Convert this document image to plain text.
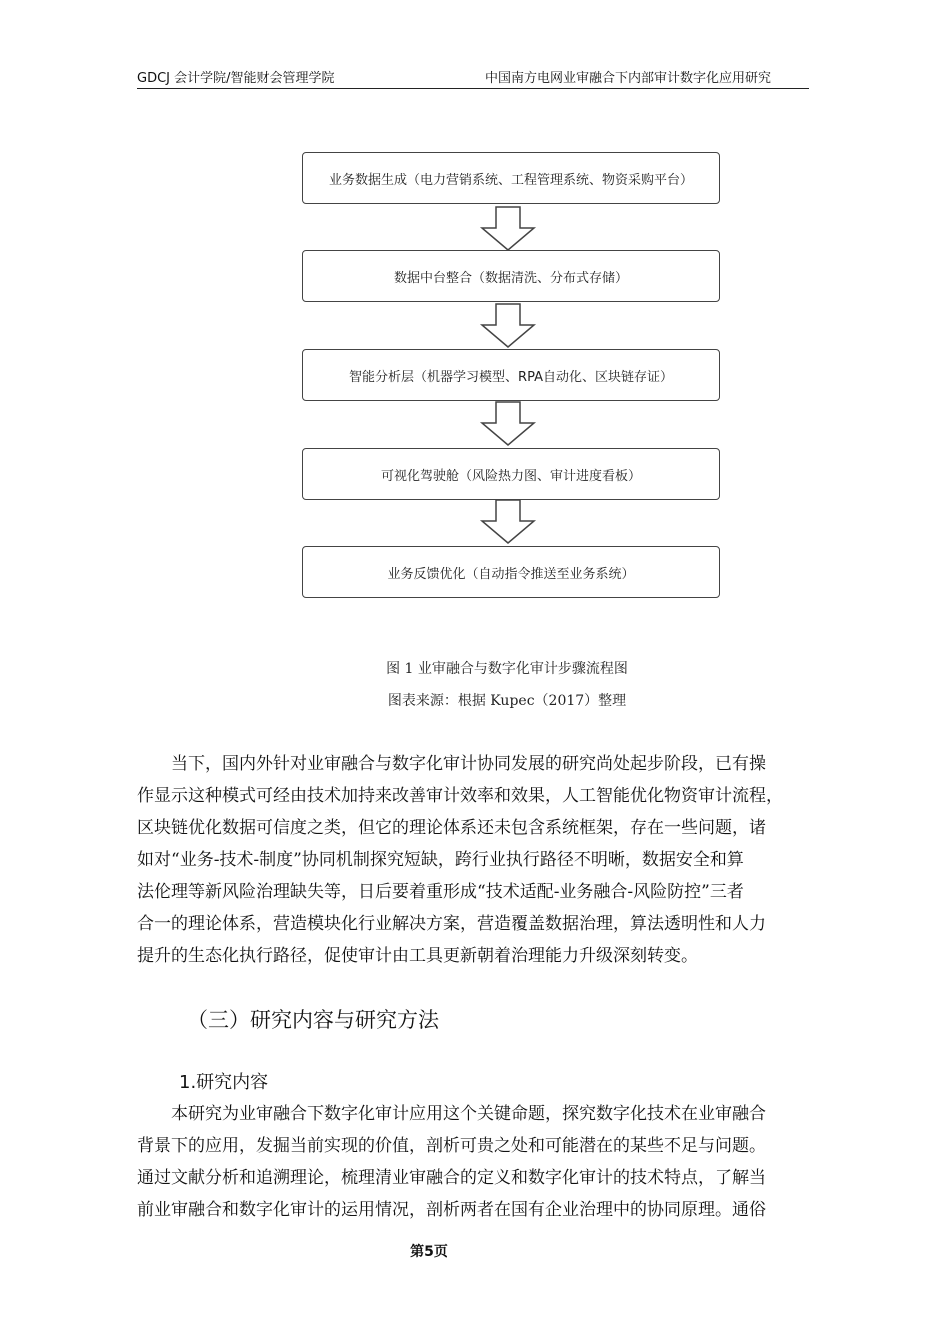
GDCJ 会计学院/智能财会管理学院	中国南方电网业审融合下内部审计数字化应用研究
业务数据生成（电力营销系统、工程管理系统、物资采购平台）
数据中台整合（数据清洗、分布式存储）
智能分析层（机器学习模型、RPA自动化、区块链存证）
可视化驾驶舱（风险热力图、审计进度看板）
业务反馈优化（自动指令推送至业务系统）
图 1 业审融合与数字化审计步骤流程图
图表来源：根据 Kupec（2017）整理
　　当下，国内外针对业审融合与数字化审计协同发展的研究尚处起步阶段，已有操
作显示这种模式可经由技术加持来改善审计效率和效果，人工智能优化物资审计流程，
区块链优化数据可信度之类，但它的理论体系还未包含系统框架，存在一些问题，诸
如对“业务-技术-制度”协同机制探究短缺，跨行业执行路径不明晰，数据安全和算
法伦理等新风险治理缺失等，日后要着重形成“技术适配-业务融合-风险防控”三者
合一的理论体系，营造模块化行业解决方案，营造覆盖数据治理，算法透明性和人力
提升的生态化执行路径，促使审计由工具更新朝着治理能力升级深刻转变。
（三）研究内容与研究方法
1.研究内容
　　本研究为业审融合下数字化审计应用这个关键命题，探究数字化技术在业审融合
背景下的应用，发掘当前实现的价值，剖析可贵之处和可能潜在的某些不足与问题。
通过文献分析和追溯理论，梳理清业审融合的定义和数字化审计的技术特点，了解当
前业审融合和数字化审计的运用情况，剖析两者在国有企业治理中的协同原理。通俗
第5页
